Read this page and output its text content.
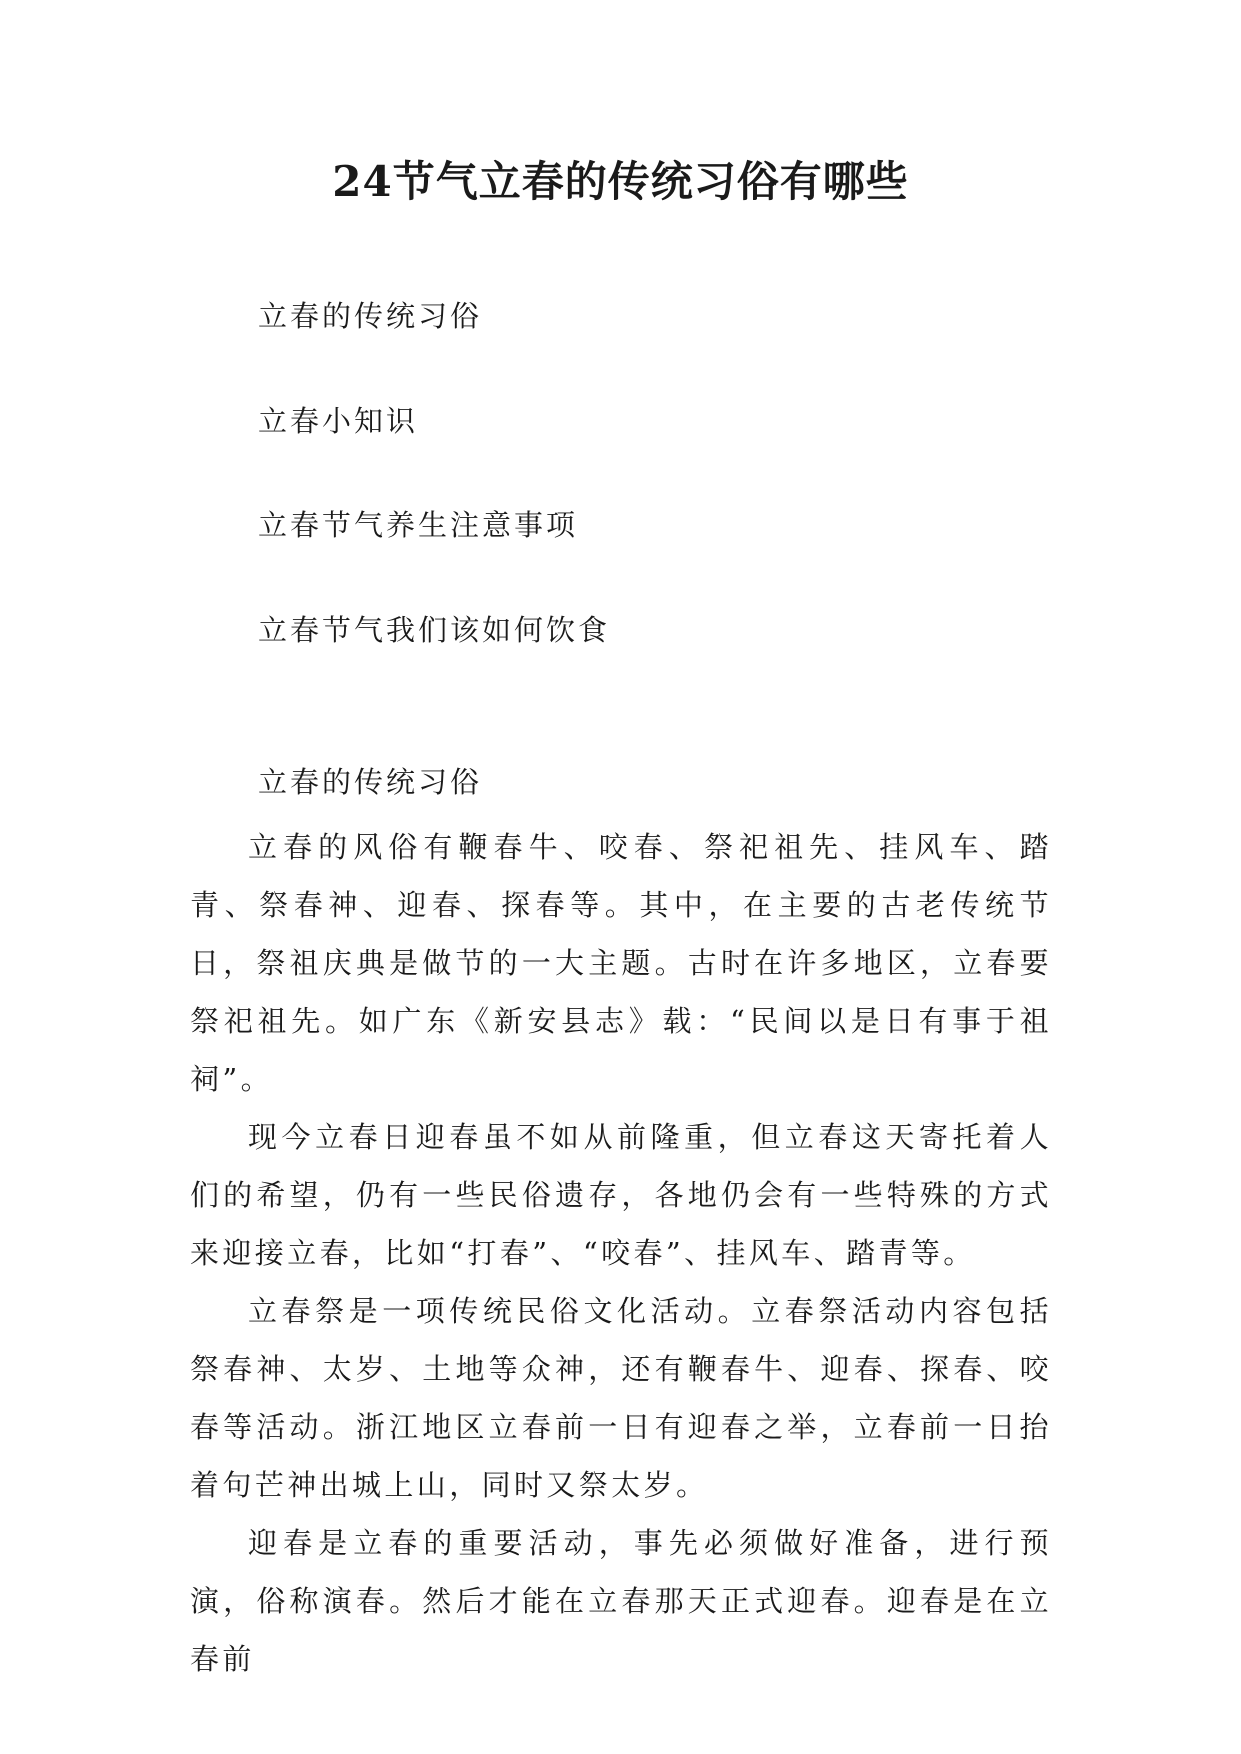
24节气立春的传统习俗有哪些
立春的传统习俗
立春小知识
立春节气养生注意事项
立春节气我们该如何饮食
立春的传统习俗

立春的风俗有鞭春牛、咬春、祭祀祖先、挂风车、踏青、祭春神、迎春、探春等。其中，在主要的古老传统节日，祭祖庆典是做节的一大主题。古时在许多地区，立春要祭祀祖先。如广东《新安县志》载：“民间以是日有事于祖祠”。

现今立春日迎春虽不如从前隆重，但立春这天寄托着人们的希望，仍有一些民俗遗存，各地仍会有一些特殊的方式来迎接立春，比如“打春”、“咬春”、挂风车、踏青等。

立春祭是一项传统民俗文化活动。立春祭活动内容包括祭春神、太岁、土地等众神，还有鞭春牛、迎春、探春、咬春等活动。浙江地区立春前一日有迎春之举，立春前一日抬着句芒神出城上山，同时又祭太岁。

迎春是立春的重要活动，事先必须做好准备，进行预演，俗称演春。然后才能在立春那天正式迎春。迎春是在立春前
